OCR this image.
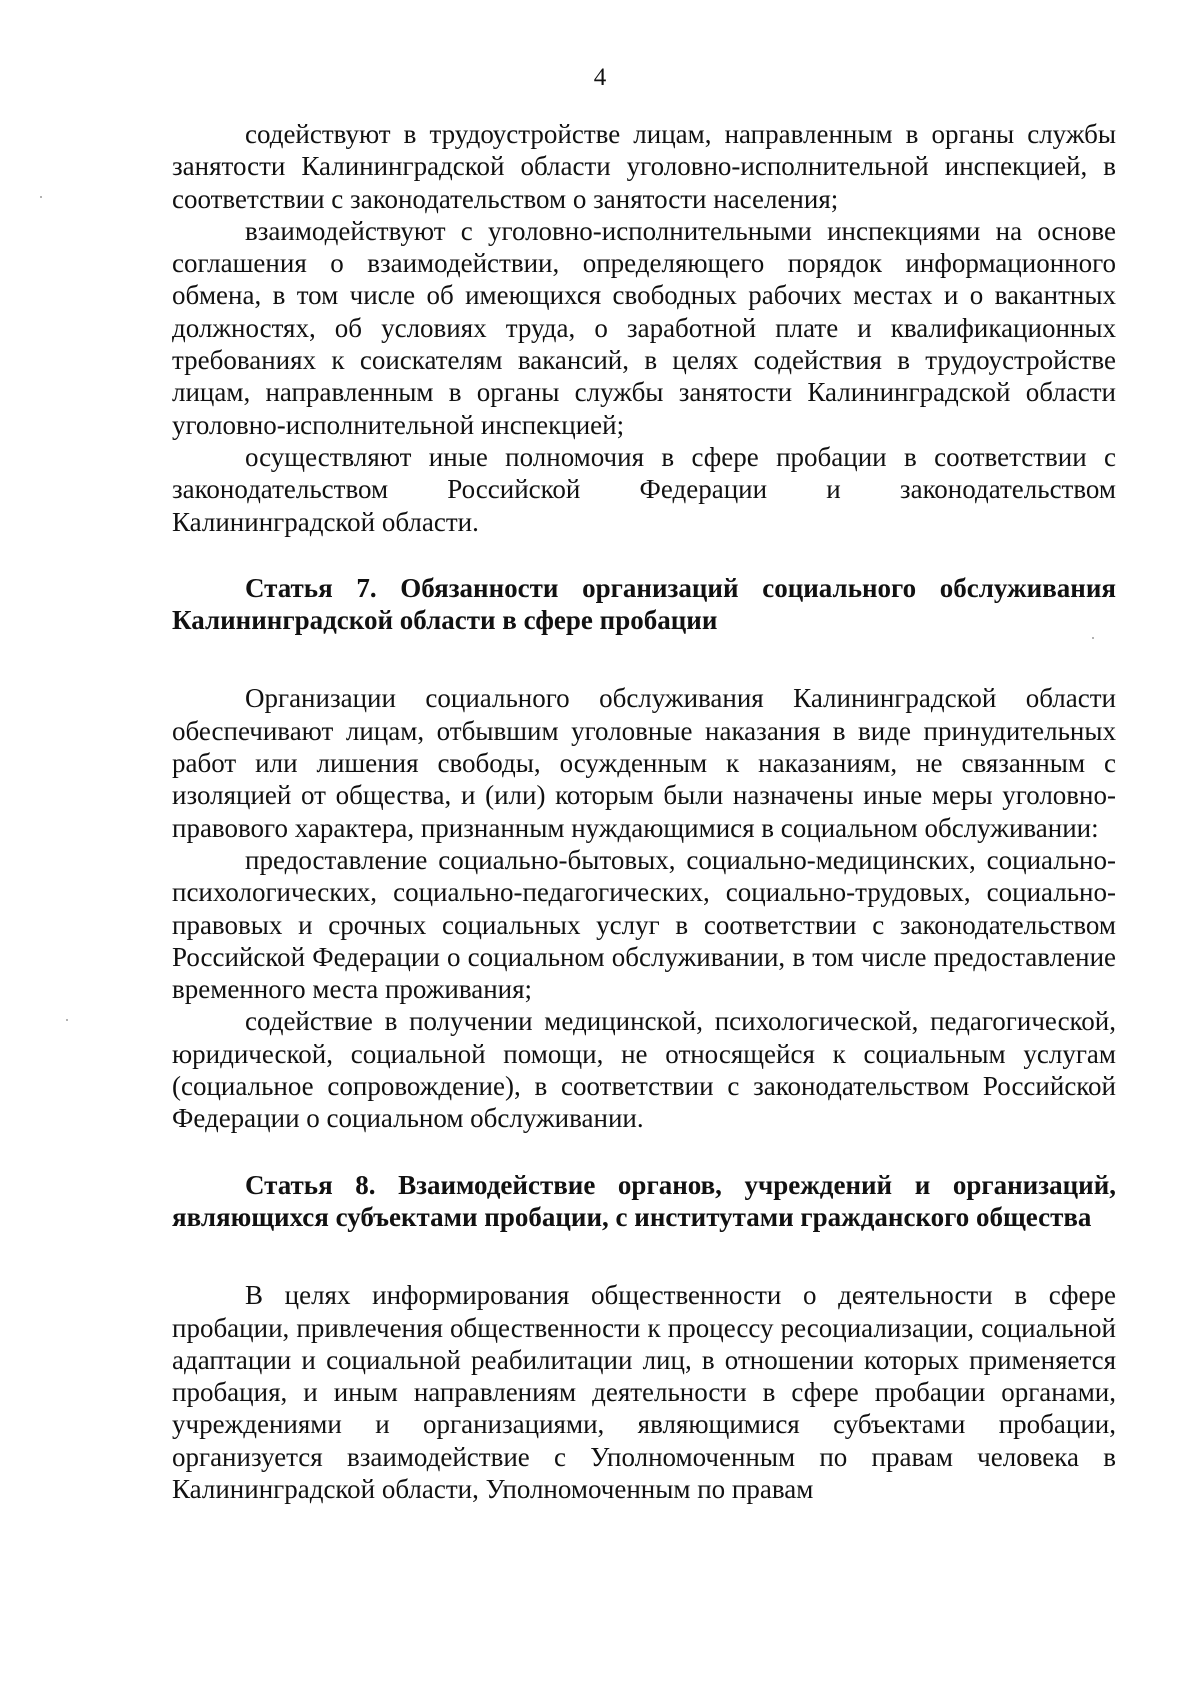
4

содействуют в трудоустройстве лицам, направленным в органы службы занятости Калининградской области уголовно-исполнительной инспекцией, в соответствии с законодательством о занятости населения;

взаимодействуют с уголовно-исполнительными инспекциями на основе соглашения о взаимодействии, определяющего порядок информационного обмена, в том числе об имеющихся свободных рабочих местах и о вакантных должностях, об условиях труда, о заработной плате и квалификационных требованиях к соискателям вакансий, в целях содействия в трудоустройстве лицам, направленным в органы службы занятости Калининградской области уголовно-исполнительной инспекцией;

осуществляют иные полномочия в сфере пробации в соответствии с законодательством Российской Федерации и законодательством Калининградской области.

Статья 7. Обязанности организаций социального обслуживания Калининградской области в сфере пробации

Организации социального обслуживания Калининградской области обеспечивают лицам, отбывшим уголовные наказания в виде принудительных работ или лишения свободы, осужденным к наказаниям, не связанным с изоляцией от общества, и (или) которым были назначены иные меры уголовно-правового характера, признанным нуждающимися в социальном обслуживании:

предоставление социально-бытовых, социально-медицинских, социально-психологических, социально-педагогических, социально-трудовых, социально-правовых и срочных социальных услуг в соответствии с законодательством Российской Федерации о социальном обслуживании, в том числе предоставление временного места проживания;

содействие в получении медицинской, психологической, педагогической, юридической, социальной помощи, не относящейся к социальным услугам (социальное сопровождение), в соответствии с законодательством Российской Федерации о социальном обслуживании.

Статья 8. Взаимодействие органов, учреждений и организаций, являющихся субъектами пробации, с институтами гражданского общества

В целях информирования общественности о деятельности в сфере пробации, привлечения общественности к процессу ресоциализации, социальной адаптации и социальной реабилитации лиц, в отношении которых применяется пробация, и иным направлениям деятельности в сфере пробации органами, учреждениями и организациями, являющимися субъектами пробации, организуется взаимодействие с Уполномоченным по правам человека в Калининградской области, Уполномоченным по правам
